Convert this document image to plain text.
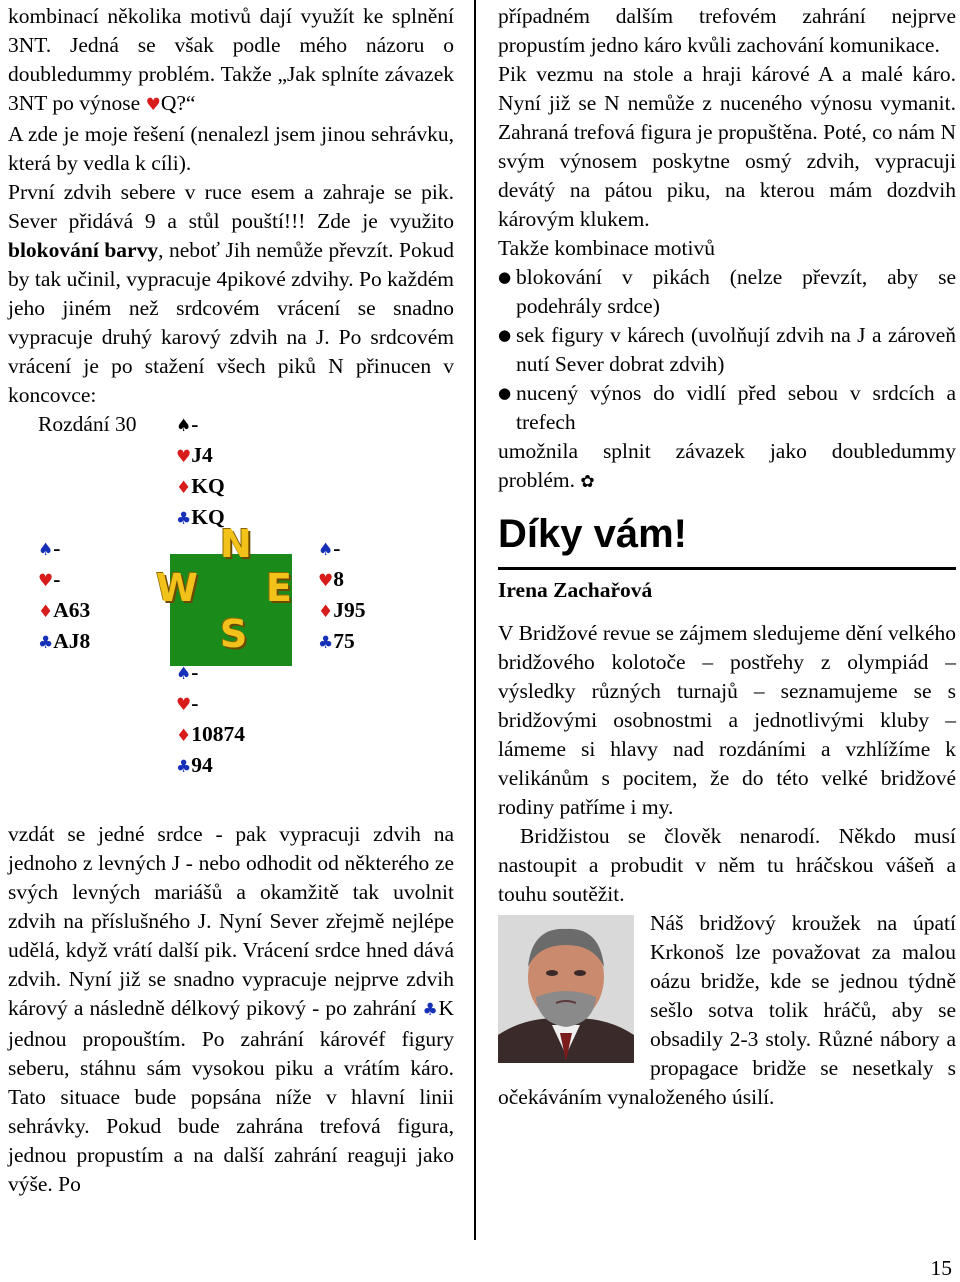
kombinací několika motivů dají využít ke splnění 3NT. Jedná se však podle mého názoru o doubledummy problém. Takže „Jak splníte závazek 3NT po výnose ♥Q?“

A zde je moje řešení (nenalezl jsem jinou sehrávku, která by vedla k cíli).

První zdvih sebere v ruce esem a zahraje se pik. Sever přidává 9 a stůl pouští!!! Zde je využito blokování barvy, neboť Jih nemůže převzít. Pokud by tak učinil, vypracuje 4pikové zdvihy. Po každém jeho jiném než srdcovém vrácení se snadno vypracuje druhý karový zdvih na J. Po srdcovém vrácení je po stažení všech piků N přinucen v koncovce:

Rozdání 30 ♠-
♥J4
♦KQ
♣KQ
♠-
♥-
♦A63
♣AJ8
♠-
♥8
♦J95
♣75
N
W E
S
♠-
♥-
♦10874
♣94

vzdát se jedné srdce - pak vypracuji zdvih na jednoho z levných J - nebo odhodit od některého ze svých levných mariášů a okamžitě tak uvolnit zdvih na příslušného J. Nyní Sever zřejmě nejlépe udělá, když vrátí další pik. Vrácení srdce hned dává zdvih. Nyní již se snadno vypracuje nejprve zdvih kárový a následně délkový pikový - po zahrání ♣K jednou propouštím. Po zahrání károvéf figury seberu, stáhnu sám vysokou piku a vrátím káro. Tato situace bude popsána níže v hlavní linii sehrávky. Pokud bude zahrána trefová figura, jednou propustím a na další zahrání reaguji jako výše. Po

případném dalším trefovém zahrání nejprve propustím jedno káro kvůli zachování komunikace.

Pik vezmu na stole a hraji kárové A a malé káro. Nyní již se N nemůže z nuceného výnosu vymanit. Zahraná trefová figura je propuštěna. Poté, co nám N svým výnosem poskytne osmý zdvih, vypracuji devátý na pátou piku, na kterou mám dozdvih károvým klukem.

Takže kombinace motivů

● blokování v pikách (nelze převzít, aby se podehrály srdce)
● sek figury v kárech (uvolňují zdvih na J a zároveň nutí Sever dobrat zdvih)
● nucený výnos do vidlí před sebou v srdcích a trefech

umožnila splnit závazek jako doubledummy problém. ✿

Díky vám!
Irena Zachařová

V Bridžové revue se zájmem sledujeme dění velkého bridžového kolotoče – postřehy z olympiád – výsledky různých turnajů – seznamujeme se s bridžovými osobnostmi a jednotlivými kluby – lámeme si hlavy nad rozdáními a vzhlížíme k velikánům s pocitem, že do této velké bridžové rodiny patříme i my.

Bridžistou se člověk nenarodí. Někdo musí nastoupit a probudit v něm tu hráčskou vášeň a touhu soutěžit.

Náš bridžový kroužek na úpatí Krkonoš lze považovat za malou oázu bridže, kde se jednou týdně sešlo sotva tolik hráčů, aby se obsadily 2-3 stoly. Různé nábory a propagace bridže se nesetkaly s očekáváním vynaloženého úsilí.

15
